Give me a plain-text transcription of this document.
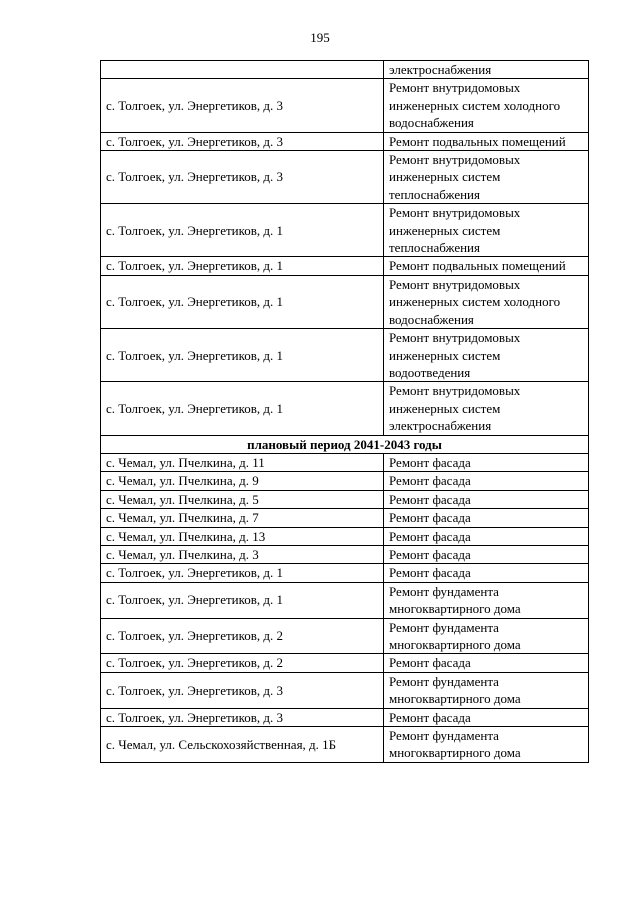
195
	электроснабжения
с. Толгоек, ул. Энергетиков, д. 3	Ремонт внутридомовых инженерных систем холодного водоснабжения
с. Толгоек, ул. Энергетиков, д. 3	Ремонт подвальных помещений
с. Толгоек, ул. Энергетиков, д. 3	Ремонт внутридомовых инженерных систем теплоснабжения
с. Толгоек, ул. Энергетиков, д. 1	Ремонт внутридомовых инженерных систем теплоснабжения
с. Толгоек, ул. Энергетиков, д. 1	Ремонт подвальных помещений
с. Толгоек, ул. Энергетиков, д. 1	Ремонт внутридомовых инженерных систем холодного водоснабжения
с. Толгоек, ул. Энергетиков, д. 1	Ремонт внутридомовых инженерных систем водоотведения
с. Толгоек, ул. Энергетиков, д. 1	Ремонт внутридомовых инженерных систем электроснабжения
плановый период 2041-2043 годы	
с. Чемал, ул. Пчелкина, д. 11	Ремонт фасада
с. Чемал, ул. Пчелкина, д. 9	Ремонт фасада
с. Чемал, ул. Пчелкина, д. 5	Ремонт фасада
с. Чемал, ул. Пчелкина, д. 7	Ремонт фасада
с. Чемал, ул. Пчелкина, д. 13	Ремонт фасада
с. Чемал, ул. Пчелкина, д. 3	Ремонт фасада
с. Толгоек, ул. Энергетиков, д. 1	Ремонт фасада
с. Толгоек, ул. Энергетиков, д. 1	Ремонт фундамента многоквартирного дома
с. Толгоек, ул. Энергетиков, д. 2	Ремонт фундамента многоквартирного дома
с. Толгоек, ул. Энергетиков, д. 2	Ремонт фасада
с. Толгоек, ул. Энергетиков, д. 3	Ремонт фундамента многоквартирного дома
с. Толгоек, ул. Энергетиков, д. 3	Ремонт фасада
с. Чемал, ул. Сельскохозяйственная, д. 1Б	Ремонт фундамента многоквартирного дома
